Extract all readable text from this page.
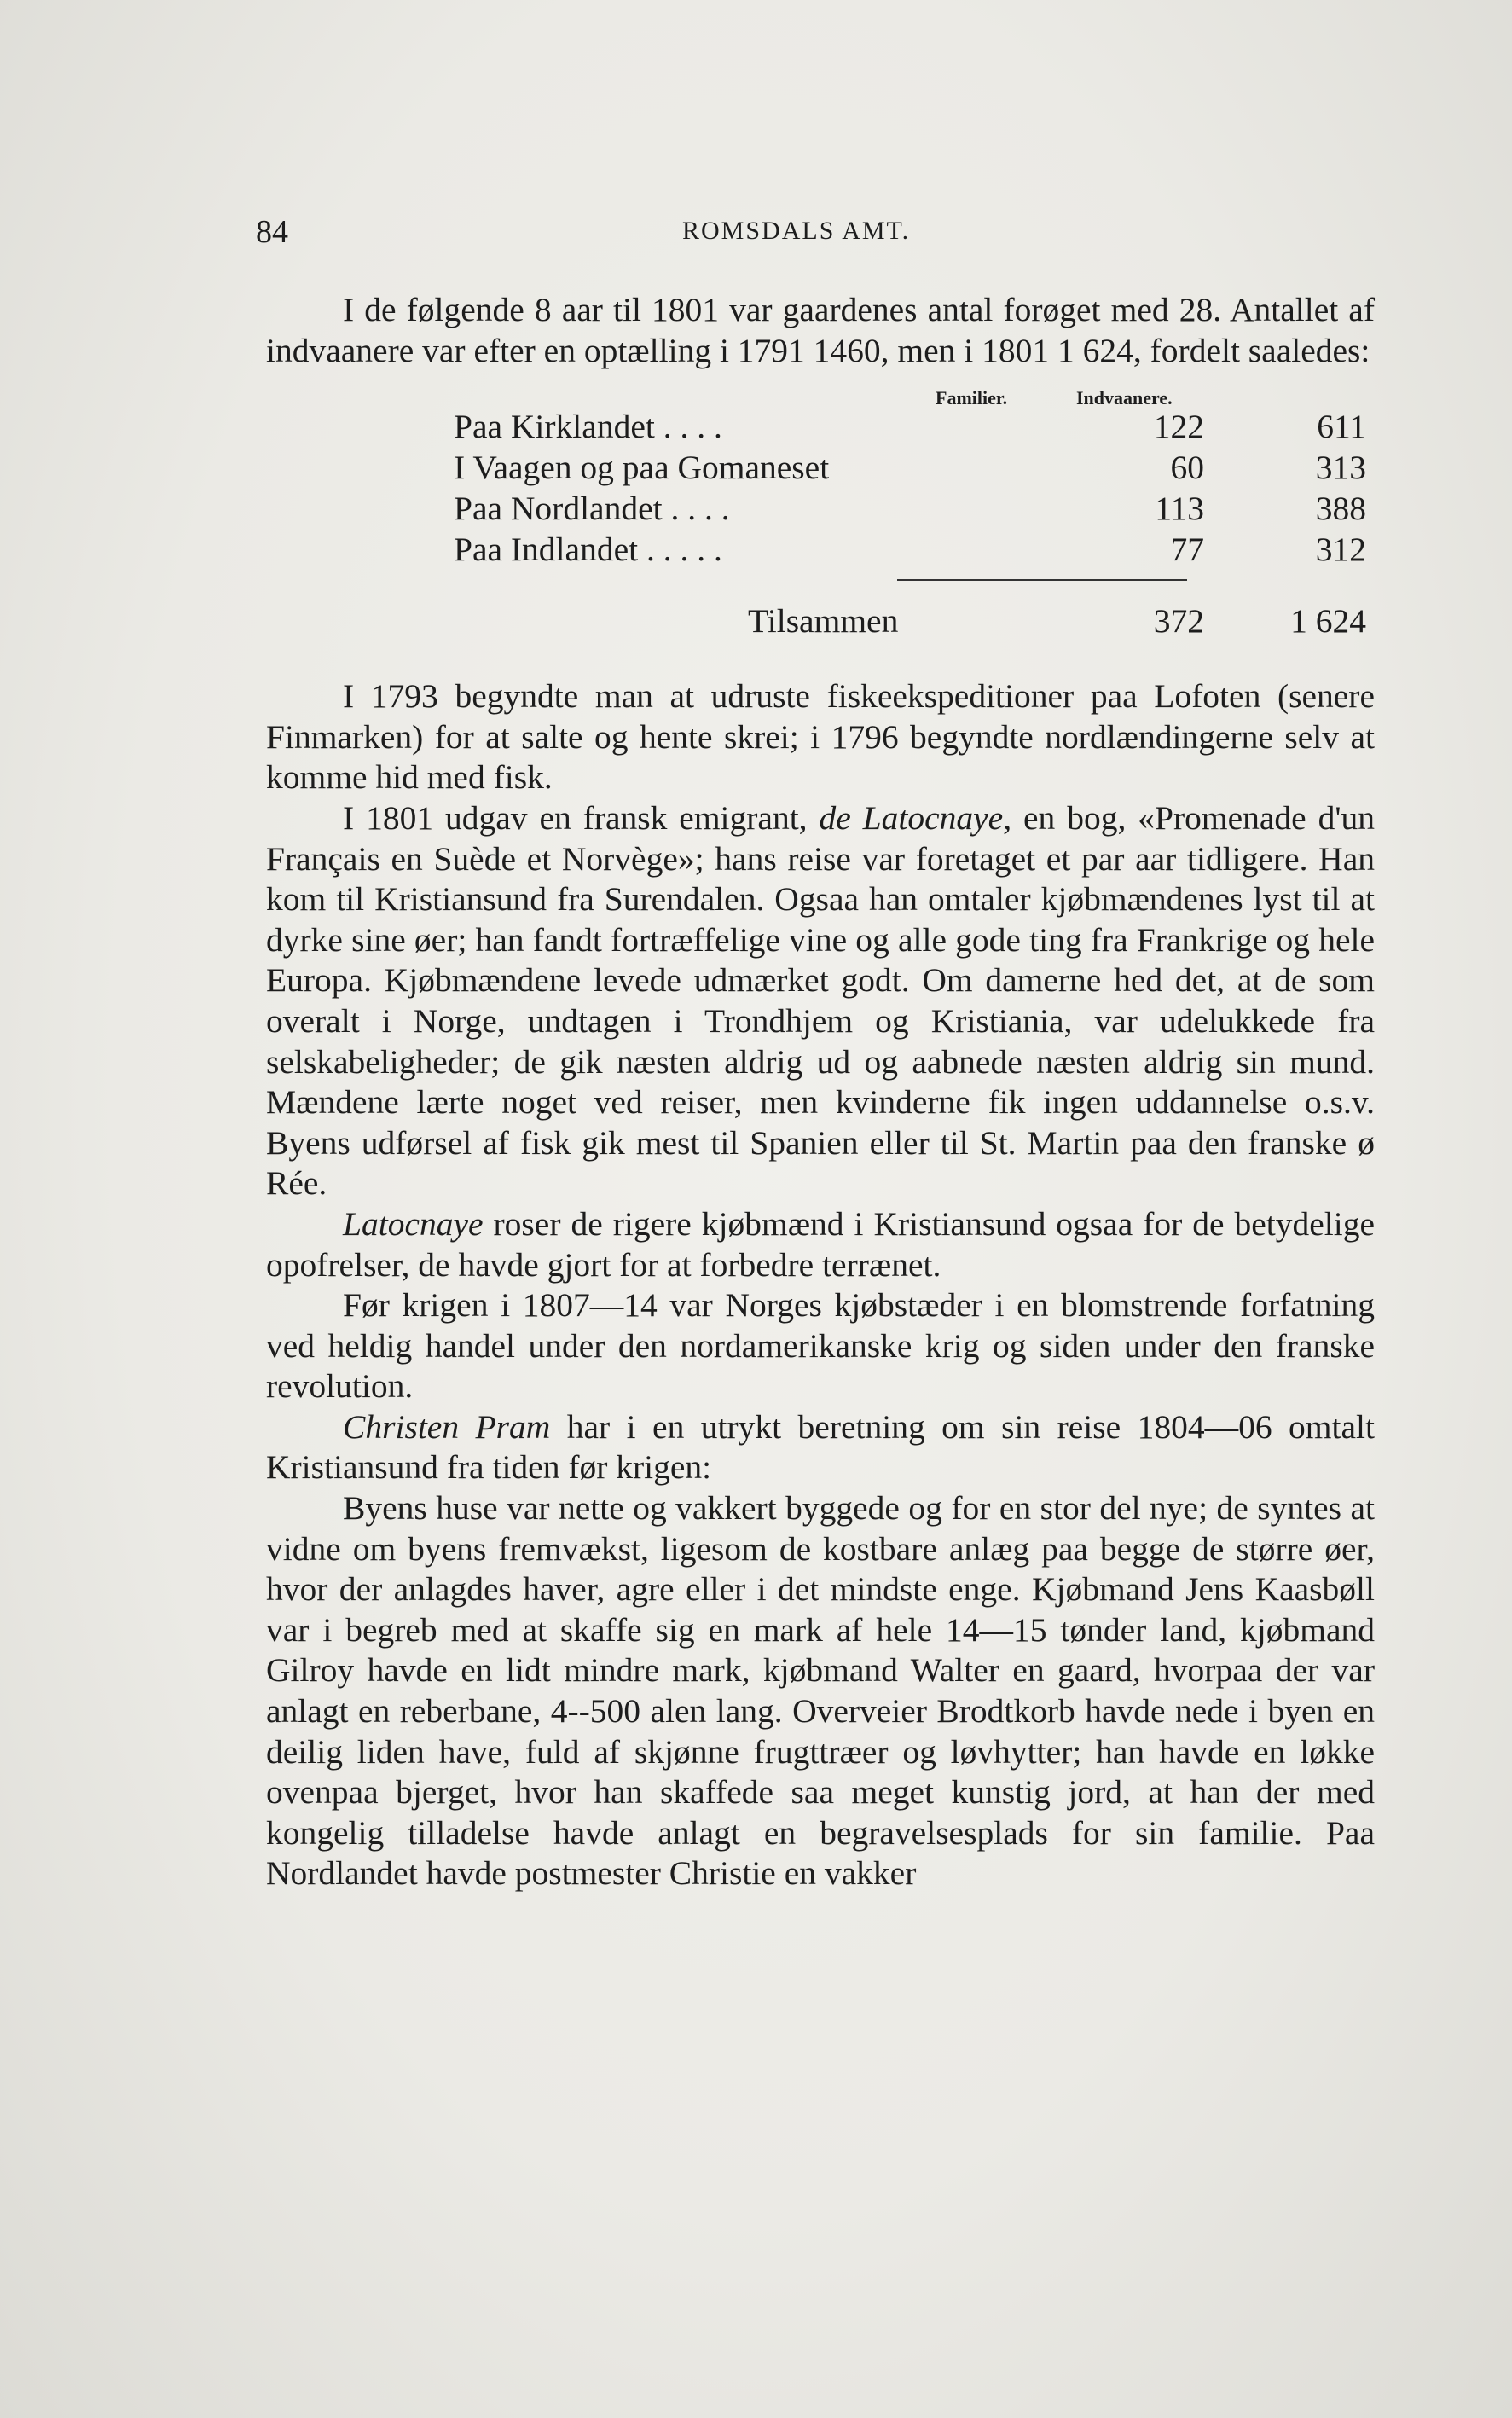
84	ROMSDALS AMT.

I de følgende 8 aar til 1801 var gaardenes antal forøget med 28. Antallet af indvaanere var efter en optælling i 1791 1460, men i 1801 1 624, fordelt saaledes:

Familier.	Indvaanere.
Paa Kirklandet . . . .	122	611
I Vaagen og paa Gomaneset	60	313
Paa Nordlandet . . . .	113	388
Paa Indlandet . . . . .	77	312
Tilsammen	372	1 624

I 1793 begyndte man at udruste fiskeekspeditioner paa Lofoten (senere Finmarken) for at salte og hente skrei; i 1796 begyndte nordlændingerne selv at komme hid med fisk.

I 1801 udgav en fransk emigrant, de Latocnaye, en bog, «Promenade d'un Français en Suède et Norvège»; hans reise var foretaget et par aar tidligere. Han kom til Kristiansund fra Surendalen. Ogsaa han omtaler kjøbmændenes lyst til at dyrke sine øer; han fandt fortræffelige vine og alle gode ting fra Frankrige og hele Europa. Kjøbmændene levede udmærket godt. Om damerne hed det, at de som overalt i Norge, undtagen i Trondhjem og Kristiania, var udelukkede fra selskabeligheder; de gik næsten aldrig ud og aabnede næsten aldrig sin mund. Mændene lærte noget ved reiser, men kvinderne fik ingen uddannelse o.s.v. Byens udførsel af fisk gik mest til Spanien eller til St. Martin paa den franske ø Rée.

Latocnaye roser de rigere kjøbmænd i Kristiansund ogsaa for de betydelige opofrelser, de havde gjort for at forbedre terrænet.

Før krigen i 1807—14 var Norges kjøbstæder i en blomstrende forfatning ved heldig handel under den nordamerikanske krig og siden under den franske revolution.

Christen Pram har i en utrykt beretning om sin reise 1804—06 omtalt Kristiansund fra tiden før krigen:

Byens huse var nette og vakkert byggede og for en stor del nye; de syntes at vidne om byens fremvækst, ligesom de kostbare anlæg paa begge de større øer, hvor der anlagdes haver, agre eller i det mindste enge. Kjøbmand Jens Kaasbøll var i begreb med at skaffe sig en mark af hele 14—15 tønder land, kjøbmand Gilroy havde en lidt mindre mark, kjøbmand Walter en gaard, hvorpaa der var anlagt en reberbane, 4--500 alen lang. Overveier Brodtkorb havde nede i byen en deilig liden have, fuld af skjønne frugttræer og løvhytter; han havde en løkke ovenpaa bjerget, hvor han skaffede saa meget kunstig jord, at han der med kongelig tilladelse havde anlagt en begravelsesplads for sin familie. Paa Nordlandet havde postmester Christie en vakker
